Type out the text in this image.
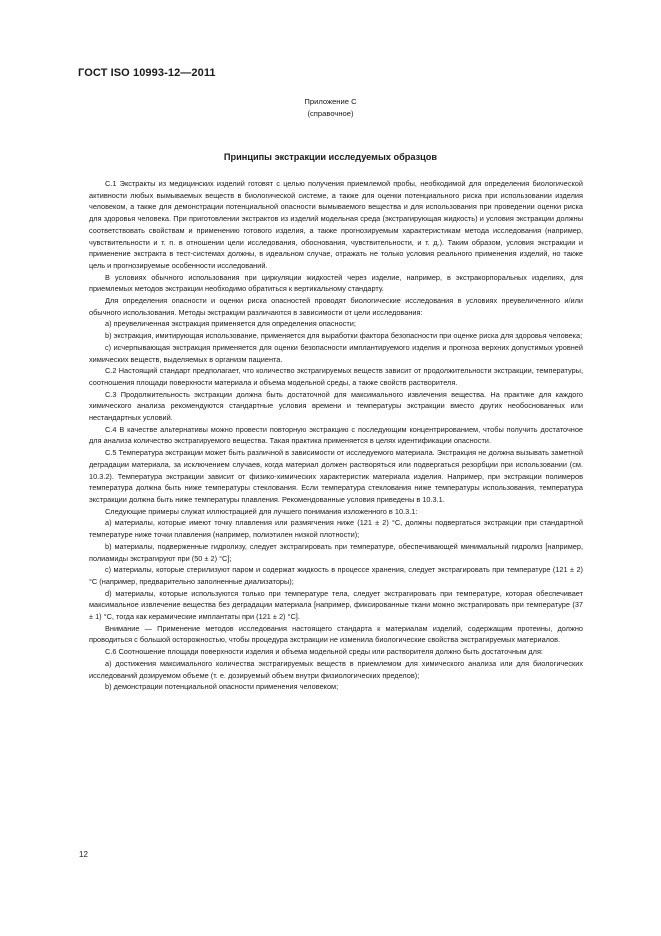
ГОСТ ISO 10993-12—2011
Приложение С
(справочное)
Принципы экстракции исследуемых образцов

С.1 Экстракты из медицинских изделий готовят с целью получения приемлемой пробы, необходимой для определения биологической активности любых вымываемых веществ в биологической системе, а также для оценки потенциального риска при использовании изделия человеком, а также для демонстрации потенциальной опасности вымываемого вещества и для использования при проведении оценки риска для здоровья человека. При приготовлении экстрактов из изделий модельная среда (экстрагирующая жидкость) и условия экстракции должны соответствовать свойствам и применению готового изделия, а также прогнозируемым характеристикам метода исследования (например, чувствительности и т. п. в отношении цели исследования, обоснования, чувствительности, и т. д.). Таким образом, условия экстракции и применение экстракта в тест-системах должны, в идеальном случае, отражать не только условия реального применения изделий, но также цель и прогнозируемые особенности исследований.

В условиях обычного использования при циркуляции жидкостей через изделие, например, в экстракорпоральных изделиях, для приемлемых методов экстракции необходимо обратиться к вертикальному стандарту.

Для определения опасности и оценки риска опасностей проводят биологические исследования в условиях преувеличенного и/или обычного использования. Методы экстракции различаются в зависимости от цели исследования:

a) преувеличенная экстракция применяется для определения опасности;

b) экстракция, имитирующая использование, применяется для выработки фактора безопасности при оценке риска для здоровья человека;

c) исчерпывающая экстракция применяется для оценки безопасности имплантируемого изделия и прогноза верхних допустимых уровней химических веществ, выделяемых в организм пациента.

С.2 Настоящий стандарт предполагает, что количество экстрагируемых веществ зависит от продолжительности экстракции, температуры, соотношения площади поверхности материала и объема модельной среды, а также свойств растворителя.

С.3 Продолжительность экстракции должна быть достаточной для максимального извлечения вещества. На практике для каждого химического анализа рекомендуются стандартные условия времени и температуры экстракции вместо других необоснованных или нестандартных условий.

С.4 В качестве альтернативы можно провести повторную экстракцию с последующим концентрированием, чтобы получить достаточное для анализа количество экстрагируемого вещества. Такая практика применяется в целях идентификации опасности.

С.5 Температура экстракции может быть различной в зависимости от исследуемого материала. Экстракция не должна вызывать заметной деградации материала, за исключением случаев, когда материал должен растворяться или подвергаться резорбции при использовании (см. 10.3.2). Температура экстракции зависит от физико-химических характеристик материала изделия. Например, при экстракции полимеров температура должна быть ниже температуры стеклования. Если температура стеклования ниже температуры использования, температура экстракции должна быть ниже температуры плавления. Рекомендованные условия приведены в 10.3.1.

Следующие примеры служат иллюстрацией для лучшего понимания изложенного в 10.3.1:

a) материалы, которые имеют точку плавления или размягчения ниже (121 ± 2) °С, должны подвергаться экстракции при стандартной температуре ниже точки плавления (например, полиэтилен низкой плотности);

b) материалы, подверженные гидролизу, следует экстрагировать при температуре, обеспечивающей минимальный гидролиз [например, полиамиды экстрагируют при (50 ± 2) °С];

c) материалы, которые стерилизуют паром и содержат жидкость в процессе хранения, следует экстрагировать при температуре (121 ± 2) °С (например, предварительно заполненные диализаторы);

d) материалы, которые используются только при температуре тела, следует экстрагировать при температуре, которая обеспечивает максимальное извлечение вещества без деградации материала [например, фиксированные ткани можно экстрагировать при температуре (37 ± 1) °С, тогда как керамические имплантаты при (121 ± 2) °С].

Внимание — Применение методов исследования настоящего стандарта к материалам изделий, содержащим протеины, должно проводиться с большой осторожностью, чтобы процедура экстракции не изменила биологические свойства экстрагируемых материалов.

С.6 Соотношение площади поверхности изделия и объема модельной среды или растворителя должно быть достаточным для:

a) достижения максимального количества экстрагируемых веществ в приемлемом для химического анализа или для биологических исследований дозируемом объеме (т. е. дозируемый объем внутри физиологических пределов);

b) демонстрации потенциальной опасности применения человеком;

12
